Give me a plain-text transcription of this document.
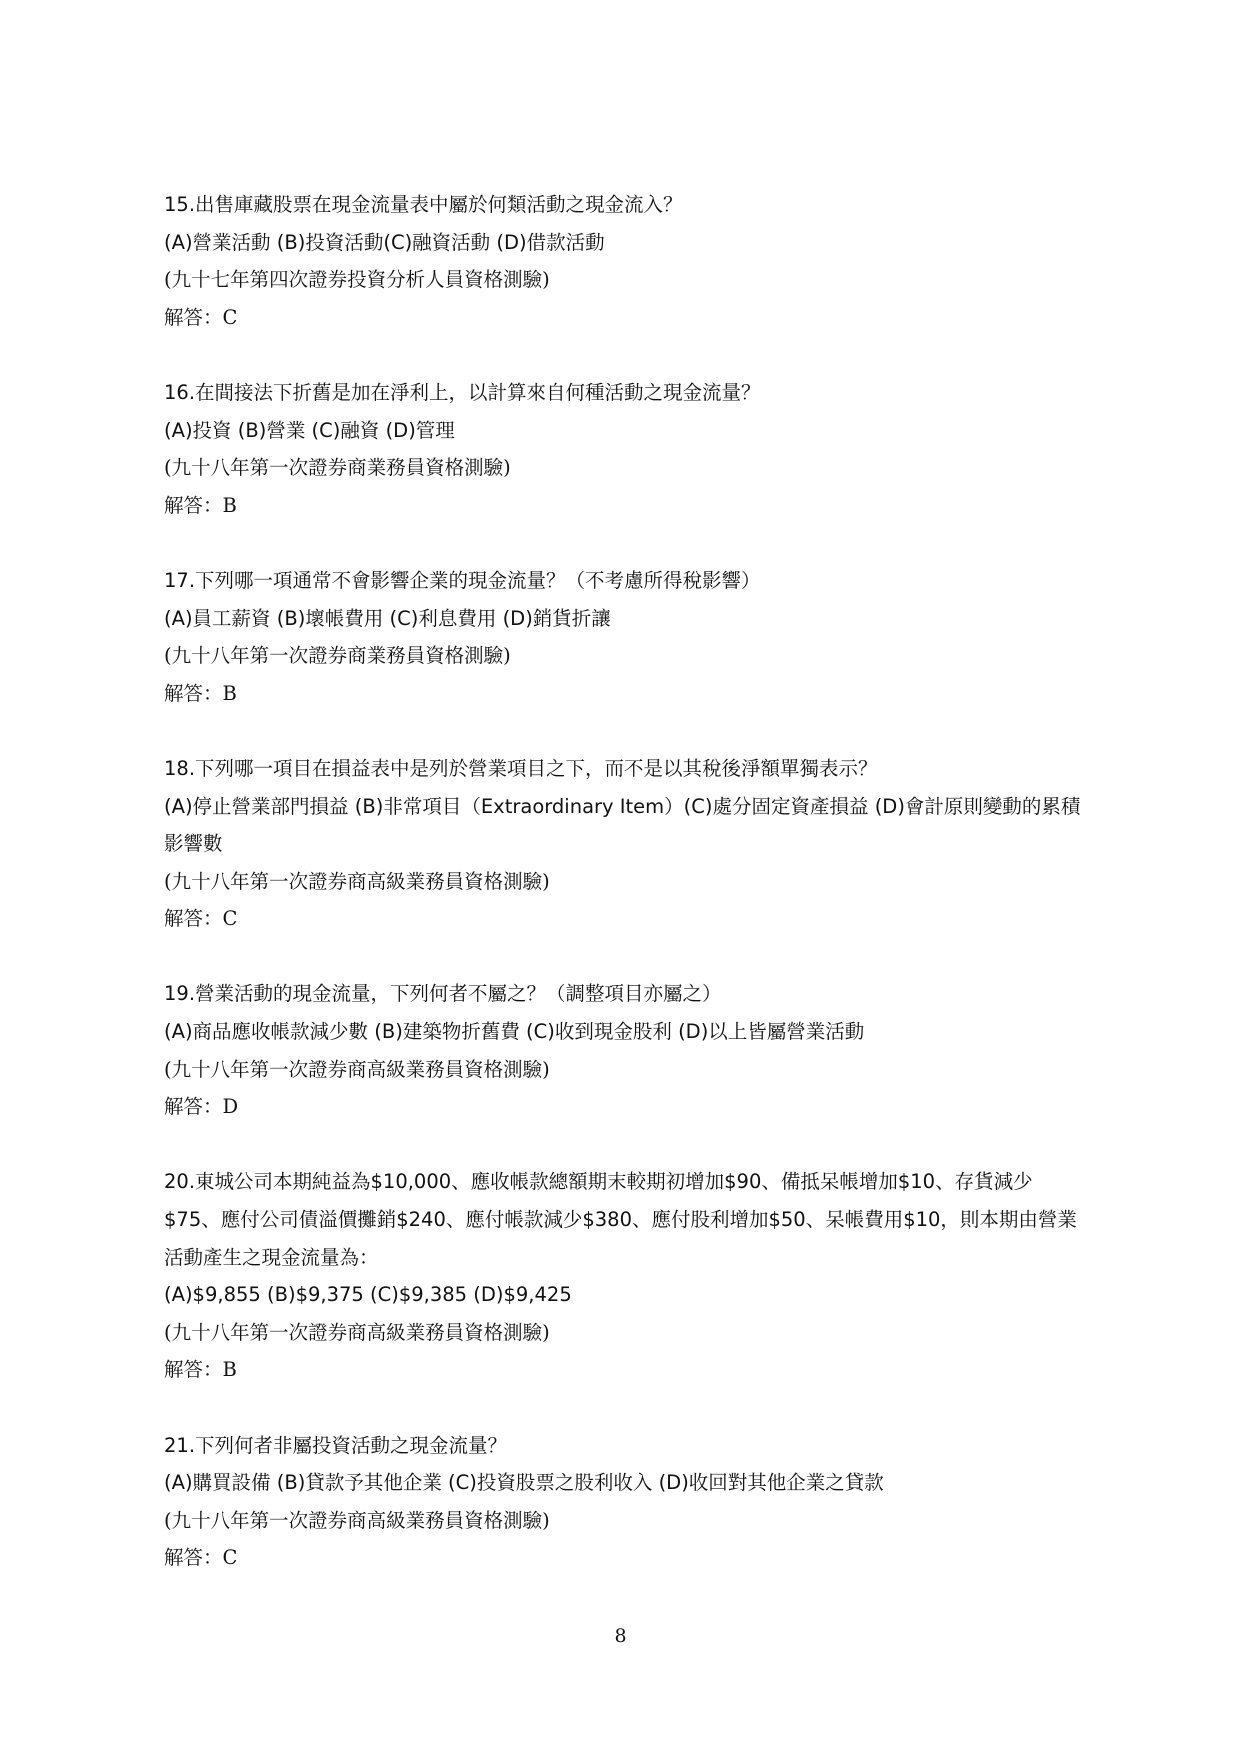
15.出售庫藏股票在現金流量表中屬於何類活動之現金流入？

(A)營業活動 (B)投資活動(C)融資活動 (D)借款活動

(九十七年第四次證券投資分析人員資格測驗)

解答：C

16.在間接法下折舊是加在淨利上，以計算來自何種活動之現金流量？

(A)投資 (B)營業 (C)融資 (D)管理

(九十八年第一次證券商業務員資格測驗)

解答：B

17.下列哪一項通常不會影響企業的現金流量？（不考慮所得稅影響）

(A)員工薪資 (B)壞帳費用 (C)利息費用 (D)銷貨折讓

(九十八年第一次證券商業務員資格測驗)

解答：B

18.下列哪一項目在損益表中是列於營業項目之下，而不是以其稅後淨額單獨表示？

(A)停止營業部門損益 (B)非常項目（Extraordinary Item）(C)處分固定資產損益 (D)會計原則變動的累積影響數

(九十八年第一次證券商高級業務員資格測驗)

解答：C

19.營業活動的現金流量，下列何者不屬之？（調整項目亦屬之）

(A)商品應收帳款減少數 (B)建築物折舊費 (C)收到現金股利 (D)以上皆屬營業活動

(九十八年第一次證券商高級業務員資格測驗)

解答：D

20.東城公司本期純益為$10,000、應收帳款總額期末較期初增加$90、備抵呆帳增加$10、存貨減少$75、應付公司債溢價攤銷$240、應付帳款減少$380、應付股利增加$50、呆帳費用$10，則本期由營業活動產生之現金流量為：

(A)$9,855 (B)$9,375 (C)$9,385 (D)$9,425

(九十八年第一次證券商高級業務員資格測驗)

解答：B

21.下列何者非屬投資活動之現金流量？

(A)購買設備 (B)貸款予其他企業 (C)投資股票之股利收入 (D)收回對其他企業之貸款

(九十八年第一次證券商高級業務員資格測驗)

解答：C

8
